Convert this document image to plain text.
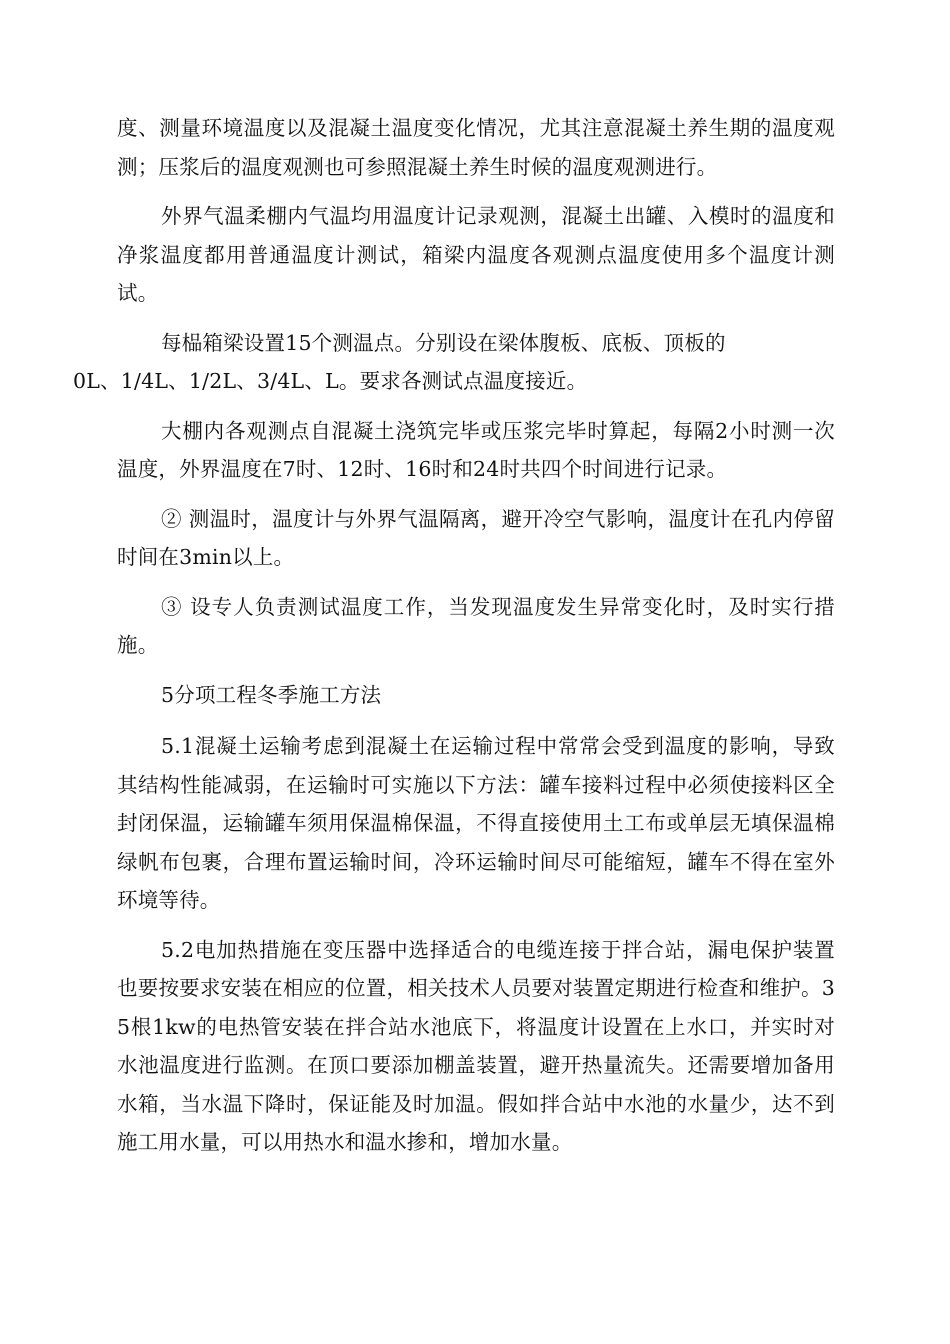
度、测量环境温度以及混凝土温度变化情况，尤其注意混凝土养生期的温度观测；压浆后的温度观测也可参照混凝土养生时候的温度观测进行。

外界气温柔棚内气温均用温度计记录观测，混凝土出罐、入模时的温度和净浆温度都用普通温度计测试，箱梁内温度各观测点温度使用多个温度计测试。

每榀箱梁设置15个测温点。分别设在梁体腹板、底板、顶板的
0L、1/4L、1/2L、3/4L、L。要求各测试点温度接近。

大棚内各观测点自混凝土浇筑完毕或压浆完毕时算起，每隔2小时测一次温度，外界温度在7时、12时、16时和24时共四个时间进行记录。

② 测温时，温度计与外界气温隔离，避开冷空气影响，温度计在孔内停留时间在3min以上。

③ 设专人负责测试温度工作，当发现温度发生异常变化时，及时实行措施。

5分项工程冬季施工方法

5.1混凝土运输考虑到混凝土在运输过程中常常会受到温度的影响，导致其结构性能减弱，在运输时可实施以下方法：罐车接料过程中必须使接料区全封闭保温，运输罐车须用保温棉保温，不得直接使用土工布或单层无填保温棉绿帆布包裹，合理布置运输时间，冷环运输时间尽可能缩短，罐车不得在室外环境等待。

5.2电加热措施在变压器中选择适合的电缆连接于拌合站，漏电保护装置也要按要求安装在相应的位置，相关技术人员要对装置定期进行检查和维护。35根1kw的电热管安装在拌合站水池底下，将温度计设置在上水口，并实时对水池温度进行监测。在顶口要添加棚盖装置，避开热量流失。还需要增加备用水箱，当水温下降时，保证能及时加温。假如拌合站中水池的水量少，达不到施工用水量，可以用热水和温水掺和，增加水量。
